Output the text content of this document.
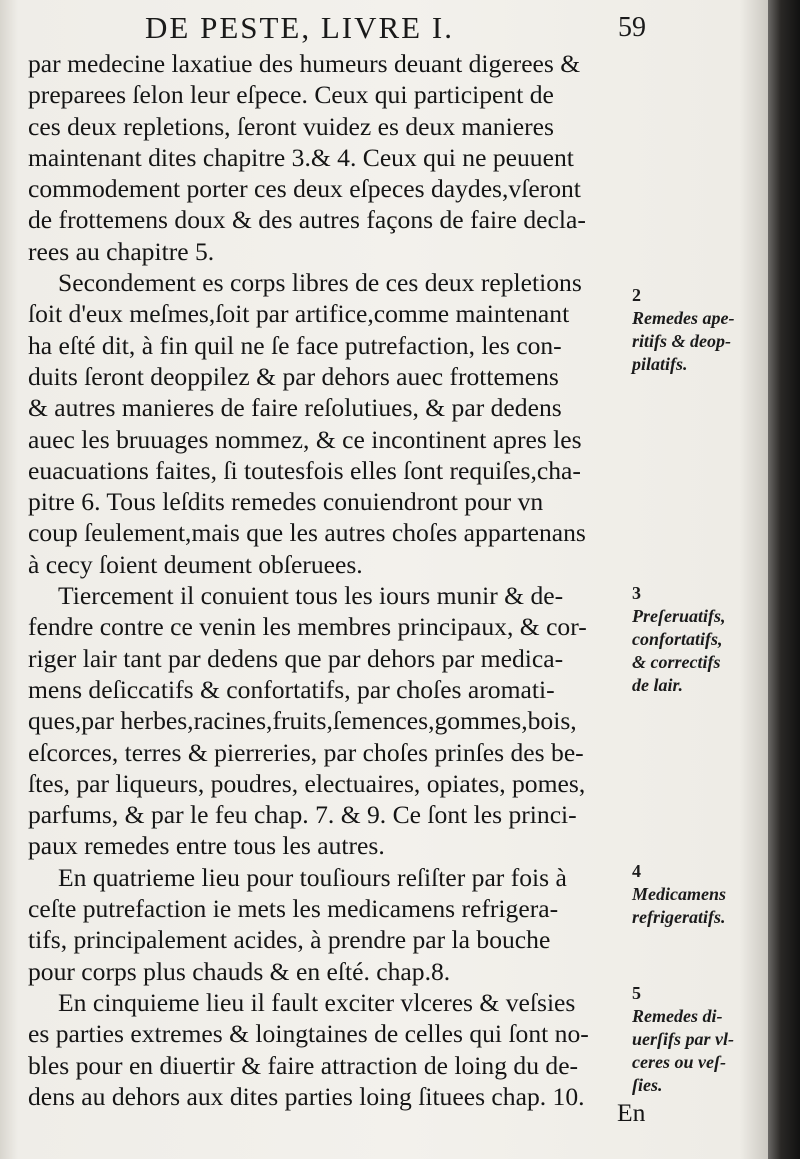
DE PESTE, LIVRE I.	59
par medecine laxatiue des humeurs deuant digerees &
preparees ſelon leur eſpece. Ceux qui participent de
ces deux repletions, ſeront vuidez es deux manieres
maintenant dites chapitre 3.& 4. Ceux qui ne peuuent
commodement porter ces deux eſpeces daydes,vſeront
de frottemens doux & des autres façons de faire decla-
rees au chapitre 5.
Secondement es corps libres de ces deux repletions
ſoit d'eux meſmes,ſoit par artifice,comme maintenant
ha eſté dit, à fin quil ne ſe face putrefaction, les con-
duits ſeront deoppilez & par dehors auec frottemens
& autres manieres de faire reſolutiues, & par dedens
auec les bruuages nommez, & ce incontinent apres les
euacuations faites, ſi toutesfois elles ſont requiſes,cha-
pitre 6. Tous leſdits remedes conuiendront pour vn
coup ſeulement,mais que les autres choſes appartenans
à cecy ſoient deument obſeruees.
Tiercement il conuient tous les iours munir & de-
fendre contre ce venin les membres principaux, & cor-
riger lair tant par dedens que par dehors par medica-
mens deſiccatifs & confortatifs, par choſes aromati-
ques,par herbes,racines,fruits,ſemences,gommes,bois,
eſcorces, terres & pierreries, par choſes prinſes des be-
ſtes, par liqueurs, poudres, electuaires, opiates, pomes,
parfums, & par le feu chap. 7. & 9. Ce ſont les princi-
paux remedes entre tous les autres.
En quatrieme lieu pour touſiours reſiſter par fois à
ceſte putrefaction ie mets les medicamens refrigera-
tifs, principalement acides, à prendre par la bouche
pour corps plus chauds & en eſté. chap.8.
En cinquieme lieu il fault exciter vlceres & veſsies
es parties extremes & loingtaines de celles qui ſont no-
bles pour en diuertir & faire attraction de loing du de-
dens au dehors aux dites parties loing ſituees chap. 10.
2
Remedes ape-
ritifs & deop-
pilatifs.
3
Preſeruatifs,
confortatifs,
& correctifs
de lair.
4
Medicamens
refrigeratifs.
5
Remedes di-
uerſifs par vl-
ceres ou veſ-
ſies.
En
